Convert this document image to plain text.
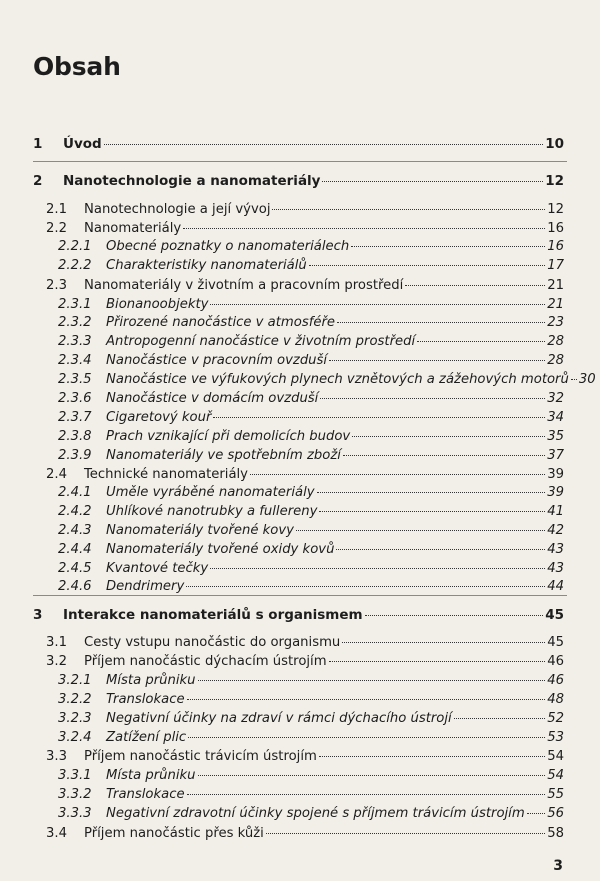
Obsah
1 Úvod	10
2 Nanotechnologie a nanomateriály	12
2.1 Nanotechnologie a její vývoj	12
2.2 Nanomateriály	16
2.2.1 Obecné poznatky o nanomateriálech	16
2.2.2 Charakteristiky nanomateriálů	17
2.3 Nanomateriály v životním a pracovním prostředí	21
2.3.1 Bionanoobjekty	21
2.3.2 Přirozené nanočástice v atmosféře	23
2.3.3 Antropogenní nanočástice v životním prostředí	28
2.3.4 Nanočástice v pracovním ovzduší	28
2.3.5 Nanočástice ve výfukových plynech vznětových a zážehových motorů 30
2.3.6 Nanočástice v domácím ovzduší	32
2.3.7 Cigaretový kouř	34
2.3.8 Prach vznikající při demolicích budov	35
2.3.9 Nanomateriály ve spotřebním zboží	37
2.4 Technické nanomateriály	39
2.4.1 Uměle vyráběné nanomateriály	39
2.4.2 Uhlíkové nanotrubky a fullereny	41
2.4.3 Nanomateriály tvořené kovy	42
2.4.4 Nanomateriály tvořené oxidy kovů	43
2.4.5 Kvantové tečky	43
2.4.6 Dendrimery	44
3 Interakce nanomateriálů s organismem	45
3.1 Cesty vstupu nanočástic do organismu	45
3.2 Příjem nanočástic dýchacím ústrojím	46
3.2.1 Místa průniku	46
3.2.2 Translokace	48
3.2.3 Negativní účinky na zdraví v rámci dýchacího ústrojí	52
3.2.4 Zatížení plic	53
3.3 Příjem nanočástic trávicím ústrojím	54
3.3.1 Místa průniku	54
3.3.2 Translokace	55
3.3.3 Negativní zdravotní účinky spojené s příjmem trávicím ústrojím 56
3.4 Příjem nanočástic přes kůži	58
3
